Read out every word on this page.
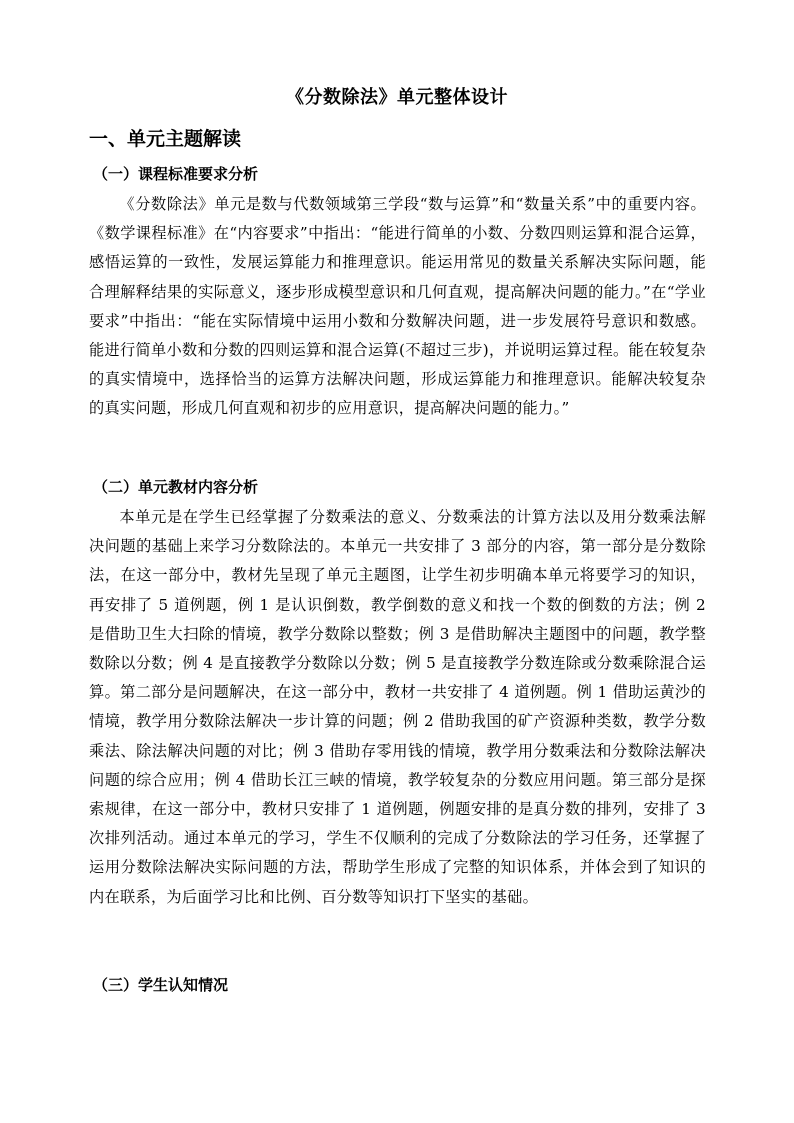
《分数除法》单元整体设计
一、单元主题解读
（一）课程标准要求分析
《分数除法》单元是数与代数领域第三学段“数与运算”和“数量关系”中的重要内容。《数学课程标准》在“内容要求”中指出：“能进行简单的小数、分数四则运算和混合运算，感悟运算的一致性，发展运算能力和推理意识。能运用常见的数量关系解决实际问题，能合理解释结果的实际意义，逐步形成模型意识和几何直观，提高解决问题的能力。”在“学业要求”中指出：“能在实际情境中运用小数和分数解决问题，进一步发展符号意识和数感。能进行简单小数和分数的四则运算和混合运算(不超过三步)，并说明运算过程。能在较复杂的真实情境中，选择恰当的运算方法解决问题，形成运算能力和推理意识。能解决较复杂的真实问题，形成几何直观和初步的应用意识，提高解决问题的能力。”
（二）单元教材内容分析
本单元是在学生已经掌握了分数乘法的意义、分数乘法的计算方法以及用分数乘法解决问题的基础上来学习分数除法的。本单元一共安排了 3 部分的内容，第一部分是分数除法，在这一部分中，教材先呈现了单元主题图，让学生初步明确本单元将要学习的知识，再安排了 5 道例题，例 1 是认识倒数，教学倒数的意义和找一个数的倒数的方法；例 2 是借助卫生大扫除的情境，教学分数除以整数；例 3 是借助解决主题图中的问题，教学整数除以分数；例 4 是直接教学分数除以分数；例 5 是直接教学分数连除或分数乘除混合运算。第二部分是问题解决，在这一部分中，教材一共安排了 4 道例题。例 1 借助运黄沙的情境，教学用分数除法解决一步计算的问题；例 2 借助我国的矿产资源种类数，教学分数乘法、除法解决问题的对比；例 3 借助存零用钱的情境，教学用分数乘法和分数除法解决问题的综合应用；例 4 借助长江三峡的情境，教学较复杂的分数应用问题。第三部分是探索规律，在这一部分中，教材只安排了 1 道例题，例题安排的是真分数的排列，安排了 3 次排列活动。通过本单元的学习，学生不仅顺利的完成了分数除法的学习任务，还掌握了运用分数除法解决实际问题的方法，帮助学生形成了完整的知识体系，并体会到了知识的内在联系，为后面学习比和比例、百分数等知识打下坚实的基础。
（三）学生认知情况
